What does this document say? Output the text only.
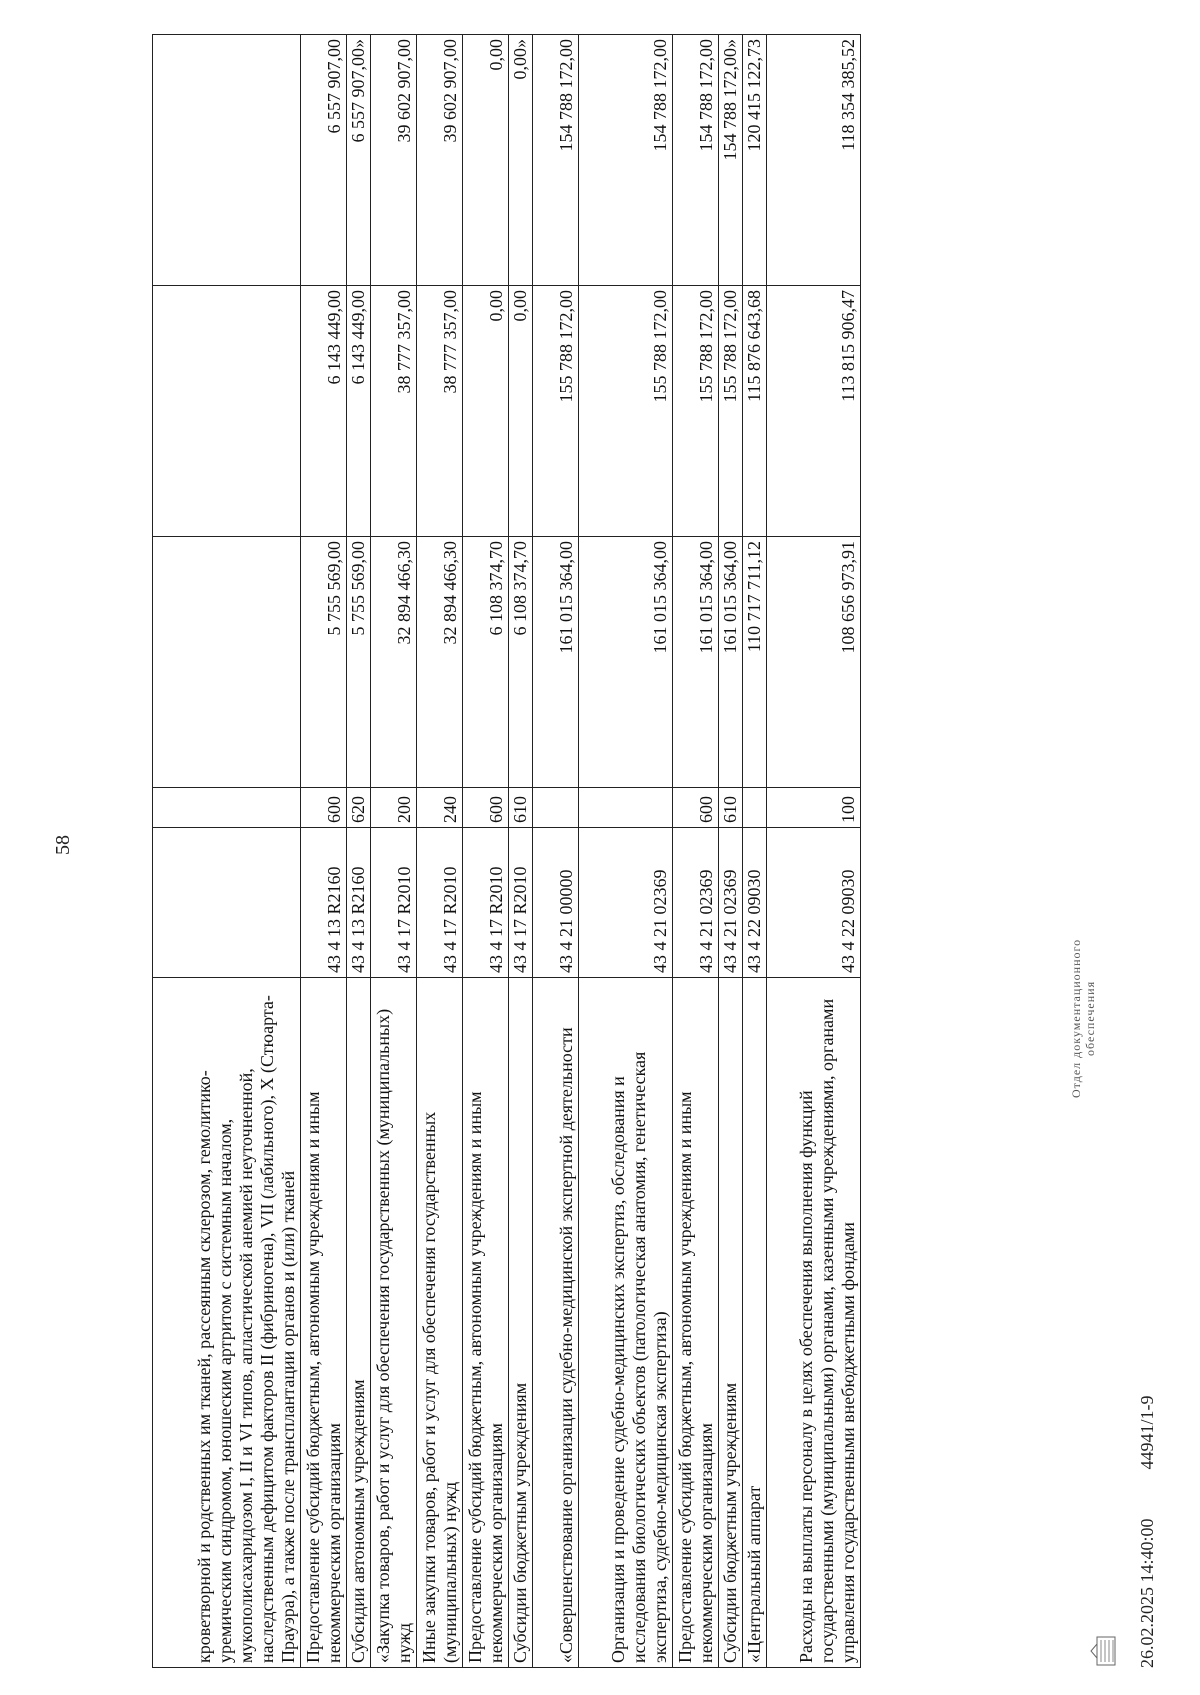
58
кроветворной и родственных им тканей, рассеянным склерозом, гемолитико-уремическим синдромом, юношеским артритом с системным началом, мукополисахаридозом I, II и VI типов, апластической анемией неуточненной, наследственным дефицитом факторов II (фибриногена), VII (лабильного), X (Стюарта-Прауэра), а также после трансплантации органов и (или) тканей					
Предоставление субсидий бюджетным, автономным учреждениям и иным некоммерческим организациям	43 4 13 R2160	600	5 755 569,00	6 143 449,00	6 557 907,00
Субсидии автономным учреждениям	43 4 13 R2160	620	5 755 569,00	6 143 449,00	6 557 907,00»
«Закупка товаров, работ и услуг для обеспечения государственных (муниципальных) нужд	43 4 17 R2010	200	32 894 466,30	38 777 357,00	39 602 907,00
Иные закупки товаров, работ и услуг для обеспечения государственных (муниципальных) нужд	43 4 17 R2010	240	32 894 466,30	38 777 357,00	39 602 907,00
Предоставление субсидий бюджетным, автономным учреждениям и иным некоммерческим организациям	43 4 17 R2010	600	6 108 374,70	0,00	0,00
Субсидии бюджетным учреждениям	43 4 17 R2010	610	6 108 374,70	0,00	0,00»
«Совершенствование организации судебно-медицинской экспертной деятельности	43 4 21 00000		161 015 364,00	155 788 172,00	154 788 172,00
Организация и проведение судебно-медицинских экспертиз, обследования и исследования биологических объектов (патологическая анатомия, генетическая экспертиза, судебно-медицинская экспертиза)	43 4 21 02369		161 015 364,00	155 788 172,00	154 788 172,00
Предоставление субсидий бюджетным, автономным учреждениям и иным некоммерческим организациям	43 4 21 02369	600	161 015 364,00	155 788 172,00	154 788 172,00
Субсидии бюджетным учреждениям	43 4 21 02369	610	161 015 364,00	155 788 172,00	154 788 172,00»
«Центральный аппарат	43 4 22 09030		110 717 711,12	115 876 643,68	120 415 122,73
Расходы на выплаты персоналу в целях обеспечения выполнения функций государственными (муниципальными) органами, казенными учреждениями, органами управления государственными внебюджетными фондами	43 4 22 09030	100	108 656 973,91	113 815 906,47	118 354 385,52
26.02.2025 14:40:00  44941/1-9
Отдел документационного обеспечения
